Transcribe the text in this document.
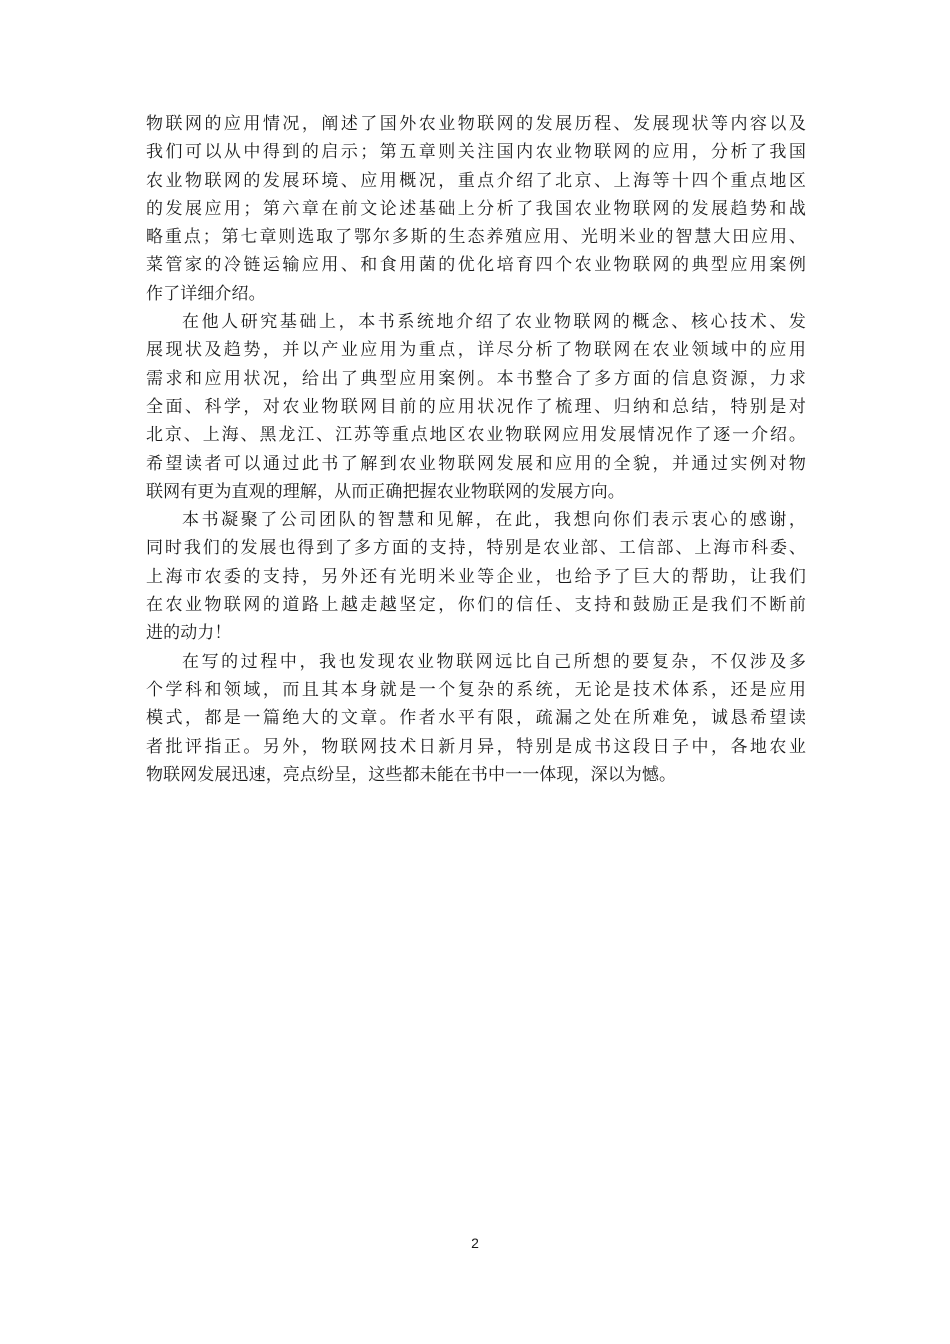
物联网的应用情况，阐述了国外农业物联网的发展历程、发展现状等内容以及
我们可以从中得到的启示；第五章则关注国内农业物联网的应用，分析了我国
农业物联网的发展环境、应用概况，重点介绍了北京、上海等十四个重点地区
的发展应用；第六章在前文论述基础上分析了我国农业物联网的发展趋势和战
略重点；第七章则选取了鄂尔多斯的生态养殖应用、光明米业的智慧大田应用、
菜管家的冷链运输应用、和食用菌的优化培育四个农业物联网的典型应用案例
作了详细介绍。
在他人研究基础上，本书系统地介绍了农业物联网的概念、核心技术、发
展现状及趋势，并以产业应用为重点，详尽分析了物联网在农业领域中的应用
需求和应用状况，给出了典型应用案例。本书整合了多方面的信息资源，力求
全面、科学，对农业物联网目前的应用状况作了梳理、归纳和总结，特别是对
北京、上海、黑龙江、江苏等重点地区农业物联网应用发展情况作了逐一介绍。
希望读者可以通过此书了解到农业物联网发展和应用的全貌，并通过实例对物
联网有更为直观的理解，从而正确把握农业物联网的发展方向。
本书凝聚了公司团队的智慧和见解，在此，我想向你们表示衷心的感谢，
同时我们的发展也得到了多方面的支持，特别是农业部、工信部、上海市科委、
上海市农委的支持，另外还有光明米业等企业，也给予了巨大的帮助，让我们
在农业物联网的道路上越走越坚定，你们的信任、支持和鼓励正是我们不断前
进的动力！
在写的过程中，我也发现农业物联网远比自己所想的要复杂，不仅涉及多
个学科和领域，而且其本身就是一个复杂的系统，无论是技术体系，还是应用
模式，都是一篇绝大的文章。作者水平有限，疏漏之处在所难免，诚恳希望读
者批评指正。另外，物联网技术日新月异，特别是成书这段日子中，各地农业
物联网发展迅速，亮点纷呈，这些都未能在书中一一体现，深以为憾。
2
